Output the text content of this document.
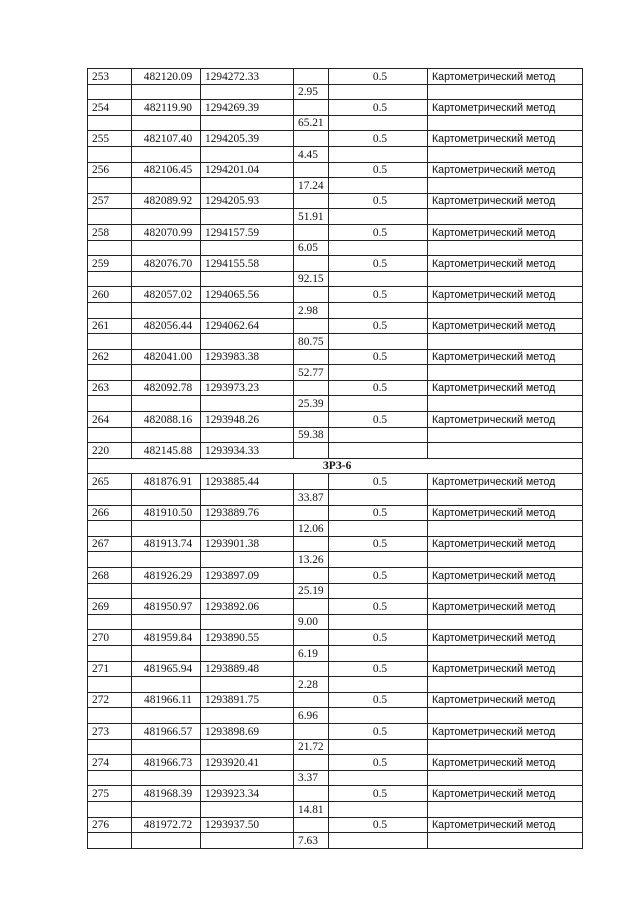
253	482120.09	1294272.33		0.5	Картометрический метод
			2.95		
254	482119.90	1294269.39		0.5	Картометрический метод
			65.21		
255	482107.40	1294205.39		0.5	Картометрический метод
			4.45		
256	482106.45	1294201.04		0.5	Картометрический метод
			17.24		
257	482089.92	1294205.93		0.5	Картометрический метод
			51.91		
258	482070.99	1294157.59		0.5	Картометрический метод
			6.05		
259	482076.70	1294155.58		0.5	Картометрический метод
			92.15		
260	482057.02	1294065.56		0.5	Картометрический метод
			2.98		
261	482056.44	1294062.64		0.5	Картометрический метод
			80.75		
262	482041.00	1293983.38		0.5	Картометрический метод
			52.77		
263	482092.78	1293973.23		0.5	Картометрический метод
			25.39		
264	482088.16	1293948.26		0.5	Картометрический метод
			59.38		
220	482145.88	1293934.33			
ЗРЗ-6					
265	481876.91	1293885.44		0.5	Картометрический метод
			33.87		
266	481910.50	1293889.76		0.5	Картометрический метод
			12.06		
267	481913.74	1293901.38		0.5	Картометрический метод
			13.26		
268	481926.29	1293897.09		0.5	Картометрический метод
			25.19		
269	481950.97	1293892.06		0.5	Картометрический метод
			9.00		
270	481959.84	1293890.55		0.5	Картометрический метод
			6.19		
271	481965.94	1293889.48		0.5	Картометрический метод
			2.28		
272	481966.11	1293891.75		0.5	Картометрический метод
			6.96		
273	481966.57	1293898.69		0.5	Картометрический метод
			21.72		
274	481966.73	1293920.41		0.5	Картометрический метод
			3.37		
275	481968.39	1293923.34		0.5	Картометрический метод
			14.81		
276	481972.72	1293937.50		0.5	Картометрический метод
			7.63		
